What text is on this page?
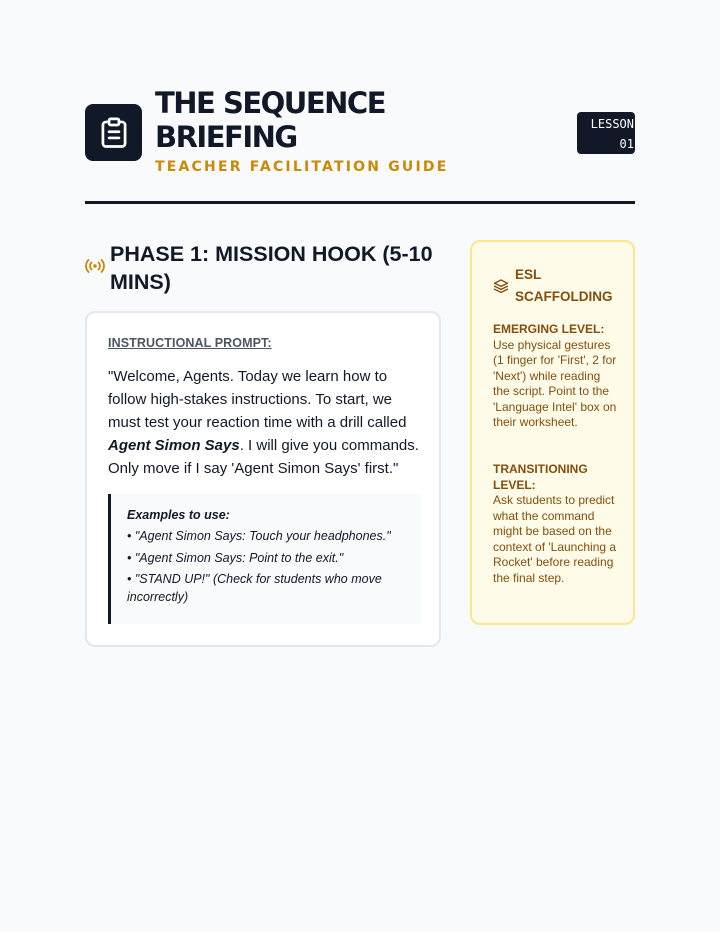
THE SEQUENCE BRIEFING
TEACHER FACILITATION GUIDE
LESSON 01
PHASE 1: MISSION HOOK (5-10 MINS)
INSTRUCTIONAL PROMPT:

"Welcome, Agents. Today we learn how to follow high-stakes instructions. To start, we must test your reaction time with a drill called Agent Simon Says. I will give you commands. Only move if I say 'Agent Simon Says' first."

Examples to use:
• "Agent Simon Says: Touch your headphones."
• "Agent Simon Says: Point to the exit."
• "STAND UP!" (Check for students who move incorrectly)
ESL SCAFFOLDING
EMERGING LEVEL:
Use physical gestures (1 finger for 'First', 2 for 'Next') while reading the script. Point to the 'Language Intel' box on their worksheet.
TRANSITIONING LEVEL:
Ask students to predict what the command might be based on the context of 'Launching a Rocket' before reading the final step.
